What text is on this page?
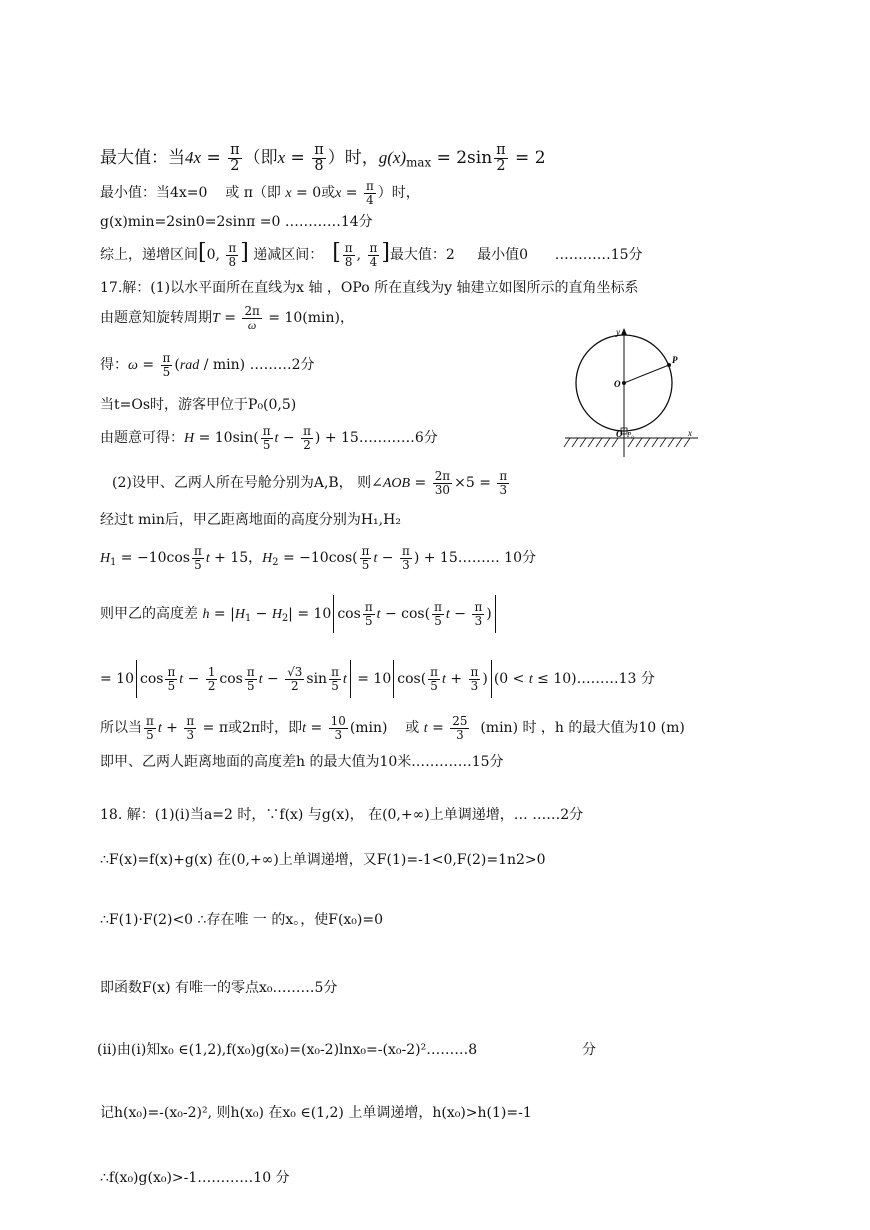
最大值：当$4x = \frac{\pi}{2}$ （即$x = \frac{\pi}{8}$ ）时，$g(x)_{max} = 2\sin \frac{\pi}{2} = 2$
最小值：当4x=0    或 π（即 x = 0或$x = \frac{\pi}{4}$ ）时，
g(x)min=2sin0=2sinπ =0 …………14分
综上，递增区间[0, $\frac{\pi}{8}$ ] 递减区间：  [ $\frac{\pi}{8}$ , $\frac{\pi}{4}$ ]最大值：2     最小值0      …………15分
17.解：(1)以水平面所在直线为x 轴 ，OPo 所在直线为y 轴建立如图所示的直角坐标系
由题意知旋转周期$T = \frac{2\pi}{\omega} = 10(\min)$，
得：$\omega = \frac{\pi}{5} (rad / \min)$ ………2分
当t=Os时，游客甲位于P₀(0,5)
由题意可得：$H = 10\sin( \frac{\pi}{5}$ $t - \frac{\pi}{2}$ ) + 15…………6分
(2)设甲、乙两人所在号舱分别为A,B， 则∠AOB = $\frac{2\pi}{30} \times 5 = \frac{\pi}{3}$
经过t min后，甲乙距离地面的高度分别为H₁,H₂
$H_1 = -10\cos \frac{\pi}{5}$ t + 15，$H_2 = -10\cos( \frac{\pi}{5}$ $t - \frac{\pi}{3}$ ) + 15……… 10分
则甲乙的高度差 $h = |H_1 - H_2| = 10$ $\cos \frac{\pi}{5}$ $t - \cos( \frac{\pi}{5}$ $t - \frac{\pi}{3}$ )
= 10 $\cos \frac{\pi}{5}$ $t - \frac{1}{2}$ $\cos \frac{\pi}{5}$ $t - \frac{√3}{2}$ $\sin \frac{\pi}{5}$ t = 10 $\cos( \frac{\pi}{5}$ $t + \frac{\pi}{3}$ ) (0 < t ≤ 10)………13 分
所以当 $\frac{\pi}{5}$ $t + \frac{\pi}{3} = \pi$或2π时，即$t = \frac{10}{3} (\min)$    或 $t = \frac{25}{3} (\min)$ 时 ，h 的最大值为10 (m)
即甲、乙两人距离地面的高度差h 的最大值为10米.…………15分
18. 解：(1)(i)当a=2 时，∵f(x) 与g(x)， 在(0,+∞)上单调递增，… ……2分
∴F(x)=f(x)+g(x) 在(0,+∞)上单调递增，又F(1)=-1<0,F(2)=1n2>0
∴F(1)·F(2)<0 ∴存在唯 一 的x。，使F(x₀)=0
即函数F(x) 有唯一的零点x₀………5分
(ii)由(i)知x₀ ∈(1,2),f(x₀)g(x₀)=(x₀-2)lnx₀=-(x₀-2)²………8	分
记h(x₀)=-(x₀-2)², 则h(x₀) 在x₀ ∈(1,2) 上单调递增，h(x₀)>h(1)=-1
∴f(x₀)g(x₀)>-1…………10 分
y
x
O
P
O P₀
